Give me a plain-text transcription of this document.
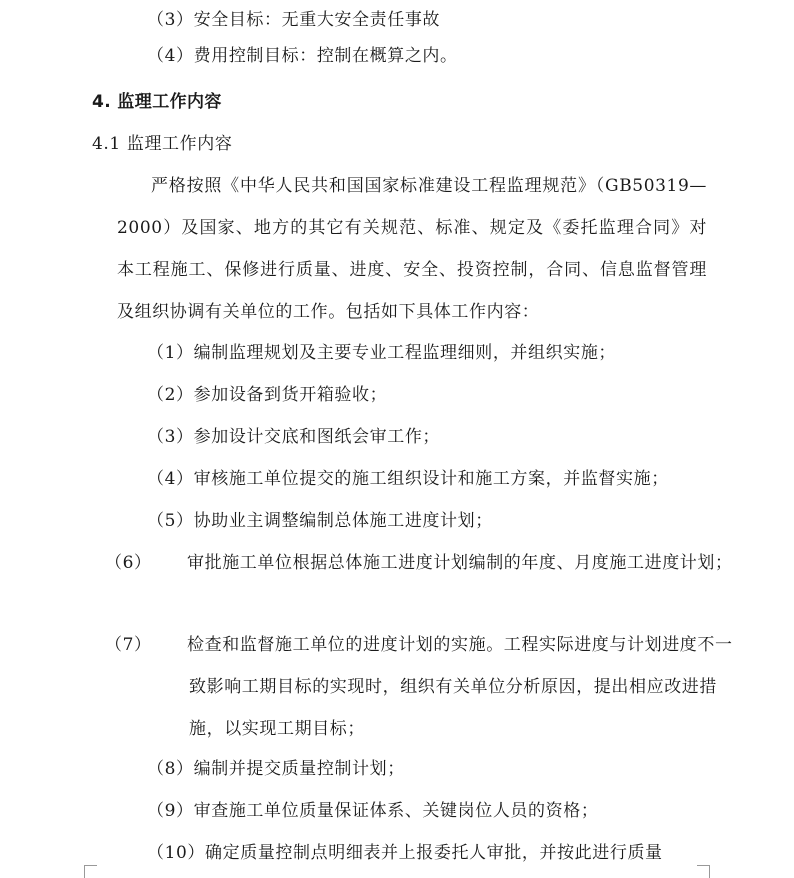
（3）安全目标：无重大安全责任事故
（4）费用控制目标：控制在概算之内。
4. 监理工作内容
4.1 监理工作内容
严格按照《中华人民共和国国家标准建设工程监理规范》（GB50319—2000）及国家、地方的其它有关规范、标准、规定及《委托监理合同》对本工程施工、保修进行质量、进度、安全、投资控制，合同、信息监督管理及组织协调有关单位的工作。包括如下具体工作内容：
（1）编制监理规划及主要专业工程监理细则，并组织实施；
（2）参加设备到货开箱验收；
（3）参加设计交底和图纸会审工作；
（4）审核施工单位提交的施工组织设计和施工方案，并监督实施；
（5）协助业主调整编制总体施工进度计划；
（6） 审批施工单位根据总体施工进度计划编制的年度、月度施工进度计划；
（7） 检查和监督施工单位的进度计划的实施。工程实际进度与计划进度不一致影响工期目标的实现时，组织有关单位分析原因，提出相应改进措施，以实现工期目标；
（8）编制并提交质量控制计划；
（9）审查施工单位质量保证体系、关键岗位人员的资格；
（10）确定质量控制点明细表并上报委托人审批，并按此进行质量
